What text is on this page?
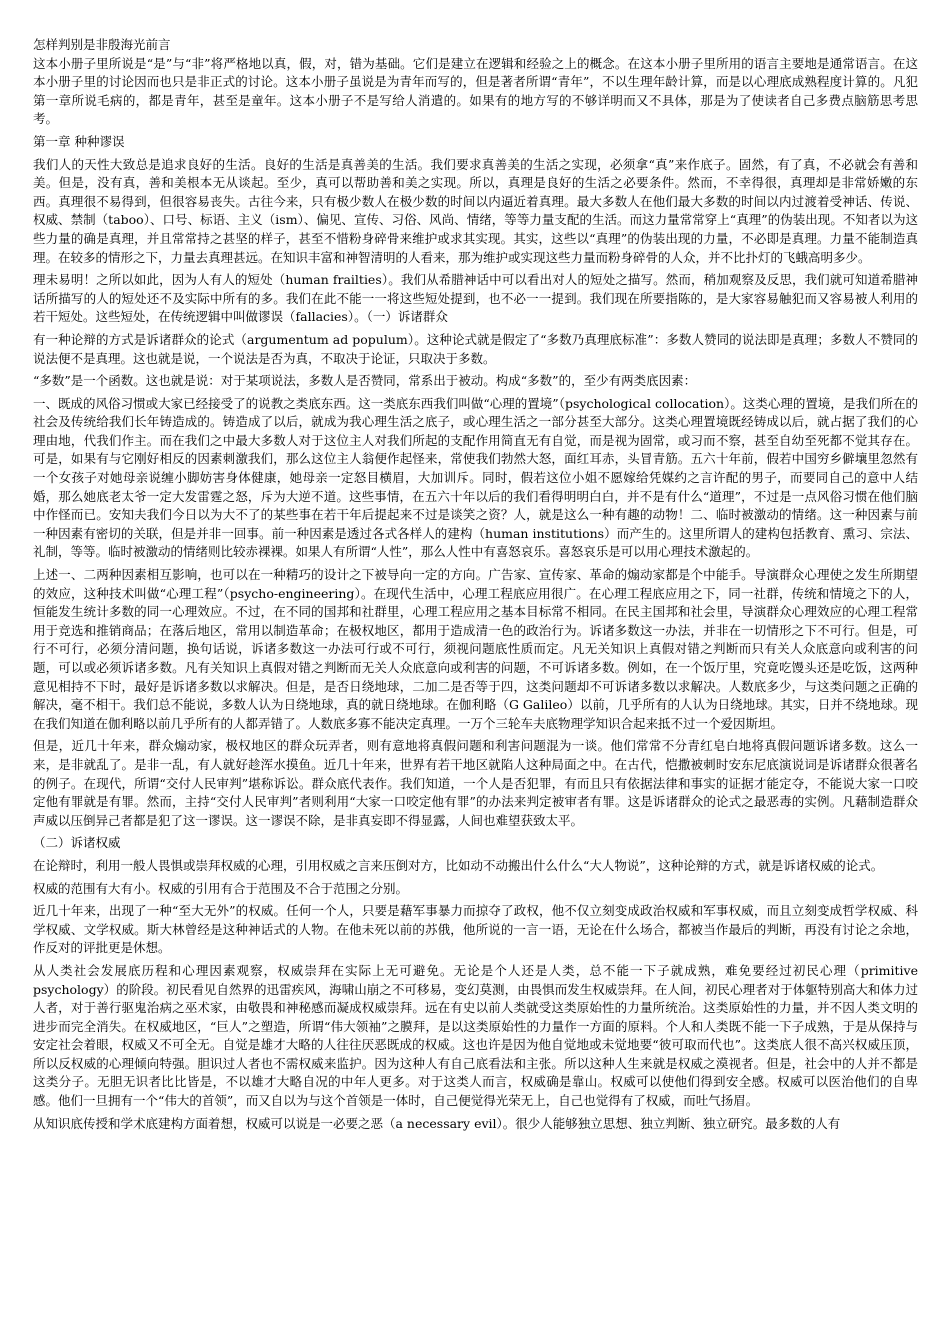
怎样判别是非殷海光前言

这本小册子里所说是“是”与“非”将严格地以真，假，对，错为基础。它们是建立在逻辑和经验之上的概念。在这本小册子里所用的语言主要地是通常语言。在这本小册子里的讨论因而也只是非正式的讨论。这本小册子虽说是为青年而写的，但是著者所谓“青年”，不以生理年龄计算，而是以心理底成熟程度计算的。凡犯第一章所说毛病的，都是青年，甚至是童年。这本小册子不是写给人消遣的。如果有的地方写的不够详明而又不具体，那是为了使读者自己多费点脑筋思考思考。

第一章 种种谬误

我们人的天性大致总是追求良好的生活。良好的生活是真善美的生活。我们要求真善美的生活之实现，必须拿“真”来作底子。固然，有了真，不必就会有善和美。但是，没有真，善和美根本无从谈起。至少，真可以帮助善和美之实现。所以，真理是良好的生活之必要条件。然而，不幸得很，真理却是非常娇嫩的东西。真理很不易得到，但很容易丧失。古往今来，只有极少数人在极少数的时间以内逼近着真理。最大多数人在他们最大多数的时间以内过渡着受神话、传说、权威、禁制（taboo）、口号、标语、主义（ism）、偏见、宣传、习俗、风尚、情绪，等等力量支配的生活。而这力量常常穿上“真理”的伪装出现。不知者以为这些力量的确是真理，并且常常持之甚坚的样子，甚至不惜粉身碎骨来维护或求其实现。其实，这些以“真理”的伪装出现的力量，不必即是真理。力量不能制造真理。在较多的情形之下，力量去真理甚远。在知识丰富和神智清明的人看来，那为维护或实现这些力量而粉身碎骨的人众，并不比扑灯的飞蛾高明多少。

理未易明！之所以如此，因为人有人的短处（human frailties）。我们从希腊神话中可以看出对人的短处之描写。然而，稍加观察及反思，我们就可知道希腊神话所描写的人的短处还不及实际中所有的多。我们在此不能一一将这些短处提到，也不必一一提到。我们现在所要指陈的，是大家容易触犯而又容易被人利用的若干短处。这些短处，在传统逻辑中叫做谬误（fallacies）。（一）诉诸群众

有一种论辩的方式是诉诸群众的论式（argumentum ad populum）。这种论式就是假定了“多数乃真理底标准”：多数人赞同的说法即是真理；多数人不赞同的说法便不是真理。这也就是说，一个说法是否为真，不取决于论证，只取决于多数。

“多数”是一个函数。这也就是说：对于某项说法，多数人是否赞同，常系出于被动。构成“多数”的，至少有两类底因素：

一、既成的风俗习惯或大家已经接受了的说教之类底东西。这一类底东西我们叫做“心理的置境”（psychological collocation）。这类心理的置境，是我们所在的社会及传统给我们长年铸造成的。铸造成了以后，就成为我心理生活之底子，或心理生活之一部分甚至大部分。这类心理置境既经铸成以后，就占据了我们的心理由地，代我们作主。而在我们之中最大多数人对于这位主人对我们所起的支配作用简直无有自觉，而是视为固常，或习而不察，甚至自幼至死都不觉其存在。可是，如果有与它刚好相反的因素刺激我们，那么这位主人翁便作起怪来，常使我们勃然大怒，面红耳赤，头冒青筋。五六十年前，假若中国穷乡僻壤里忽然有一个女孩子对她母亲说缠小脚妨害身体健康，她母亲一定怒目横眉，大加训斥。同时，假若这位小姐不愿嫁给凭媒约之言许配的男子，而要同自己的意中人结婚，那么她底老太爷一定大发雷霆之怒，斥为大逆不道。这些事情，在五六十年以后的我们看得明明白白，并不是有什么“道理”，不过是一点风俗习惯在他们脑中作怪而已。安知夫我们今日以为大不了的某些事在若干年后提起来不过是谈笑之资？人，就是这么一种有趣的动物！二、临时被激动的情绪。这一种因素与前一种因素有密切的关联，但是并非一回事。前一种因素是透过各式各样人的建构（human institutions）而产生的。这里所谓人的建构包括教育、熏习、宗法、礼制，等等。临时被激动的情绪则比较赤裸裸。如果人有所谓“人性”，那么人性中有喜怒哀乐。喜怒哀乐是可以用心理技术激起的。

上述一、二两种因素相互影响，也可以在一种精巧的设计之下被导向一定的方向。广告家、宣传家、革命的煽动家都是个中能手。导演群众心理使之发生所期望的效应，这种技术叫做“心理工程”（psycho-engineering）。在现代生活中，心理工程底应用很广。在心理工程底应用之下，同一社群，传统和情境之下的人，恒能发生统计多数的同一心理效应。不过，在不同的国邦和社群里，心理工程应用之基本目标常不相同。在民主国邦和社会里，导演群众心理效应的心理工程常用于竞选和推销商品；在落后地区，常用以制造革命；在极权地区，都用于造成清一色的政治行为。诉诸多数这一办法，并非在一切情形之下不可行。但是，可行不可行，必须分清问题，换句话说，诉诸多数这一办法可行或不可行，须视问题底性质而定。凡无关知识上真假对错之判断而只有关人众底意向或利害的问题，可以或必须诉诸多数。凡有关知识上真假对错之判断而无关人众底意向或利害的问题，不可诉诸多数。例如，在一个饭厅里，究竟吃馒头还是吃饭，这两种意见相持不下时，最好是诉诸多数以求解决。但是，是否日绕地球，二加二是否等于四，这类问题却不可诉诸多数以求解决。人数底多少，与这类问题之正确的解决，毫不相干。我们总不能说，多数人认为日绕地球，真的就日绕地球。在伽利略（G Galileo）以前，几乎所有的人认为日绕地球。其实，日并不绕地球。现在我们知道在伽利略以前几乎所有的人都弄错了。人数底多寡不能决定真理。一万个三轮车夫底物理学知识合起来抵不过一个爱因斯坦。

但是，近几十年来，群众煽动家，极权地区的群众玩弄者，则有意地将真假问题和利害问题混为一谈。他们常常不分青红皂白地将真假问题诉诸多数。这么一来，是非就乱了。是非一乱，有人就好趁浑水摸鱼。近几十年来，世界有若干地区就陷人这种局面之中。在古代，恺撒被刺时安东尼底演说词是诉诸群众很著名的例子。在现代，所谓“交付人民审判”堪称诉讼。群众底代表作。我们知道，一个人是否犯罪，有而且只有依据法律和事实的证据才能定夺，不能说大家一口咬定他有罪就是有罪。然而，主持“交付人民审判”者则利用“大家一口咬定他有罪”的办法来判定被审者有罪。这是诉诸群众的论式之最恶毒的实例。凡藉制造群众声威以压倒异己者都是犯了这一谬误。这一谬误不除，是非真妄即不得显露，人间也难望获致太平。

（二）诉诸权威

在论辩时，利用一般人畏惧或崇拜权威的心理，引用权威之言来压倒对方，比如动不动搬出什么什么“大人物说”，这种论辩的方式，就是诉诸权威的论式。

权威的范围有大有小。权威的引用有合于范围及不合于范围之分别。

近几十年来，出现了一种“至大无外”的权威。任何一个人，只要是藉军事暴力而掠夺了政权，他不仅立刻变成政治权威和军事权威，而且立刻变成哲学权威、科学权威、文学权威。斯大林曾经是这种神话式的人物。在他未死以前的苏俄，他所说的一言一语，无论在什么场合，都被当作最后的判断，再没有讨论之余地，作反对的评批更是休想。

从人类社会发展底历程和心理因素观察，权威崇拜在实际上无可避免。无论是个人还是人类，总不能一下子就成熟，难免要经过初民心理（primitive psychology）的阶段。初民看见自然界的迅雷疾风，海啸山崩之不可移易，变幻莫测，由畏惧而发生权威崇拜。在人间，初民心理者对于体躯特别高大和体力过人者，对于善行驱鬼治病之巫术家，由敬畏和神秘感而凝成权威崇拜。远在有史以前人类就受这类原始性的力量所统治。这类原始性的力量，并不因人类文明的进步而完全消失。在权威地区，“巨人”之塑造，所谓“伟大领袖”之膜拜，是以这类原始性的力量作一方面的原料。个人和人类既不能一下子成熟，于是从保持与安定社会着眼，权威又不可全无。自觉是雄才大略的人往往厌恶既成的权威。这也许是因为他自觉地或未觉地要“彼可取而代也”。这类底人很不高兴权威压顶，所以反权威的心理倾向特强。胆识过人者也不需权威来监护。因为这种人有自己底看法和主张。所以这种人生来就是权威之漠视者。但是，社会中的人并不都是这类分子。无胆无识者比比皆是，不以雄才大略自况的中年人更多。对于这类人而言，权威确是靠山。权威可以使他们得到安全感。权威可以医治他们的自卑感。他们一旦拥有一个“伟大的首领”，而又自以为与这个首领是一体时，自己便觉得光荣无上，自己也觉得有了权威，而吐气扬眉。

从知识底传授和学术底建构方面着想，权威可以说是一必要之恶（a necessary evil）。很少人能够独立思想、独立判断、独立研究。最多数的人有
